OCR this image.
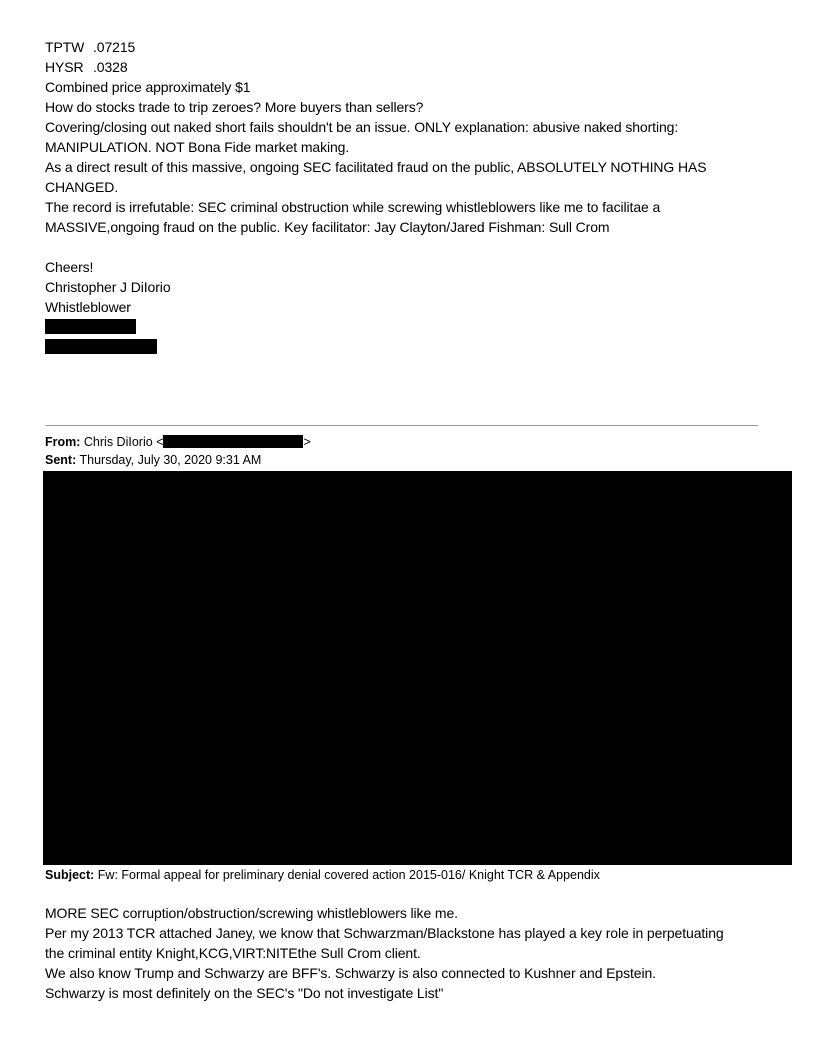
TPTW .07215
HYSR .0328
Combined price approximately $1
How do stocks trade to trip zeroes? More buyers than sellers?
Covering/closing out naked short fails shouldn't be an issue. ONLY explanation: abusive naked shorting:
MANIPULATION. NOT Bona Fide market making.
As a direct result of this massive, ongoing SEC facilitated fraud on the public, ABSOLUTELY NOTHING HAS
CHANGED.
The record is irrefutable: SEC criminal obstruction while screwing whistleblowers like me to facilitae a
MASSIVE,ongoing fraud on the public. Key facilitator: Jay Clayton/Jared Fishman: Sull Crom
Cheers!
Christopher J DiIorio
Whistleblower
From: Chris DiIorio <	>
Sent: Thursday, July 30, 2020 9:31 AM
Subject: Fw: Formal appeal for preliminary denial covered action 2015-016/ Knight TCR & Appendix
MORE SEC corruption/obstruction/screwing whistleblowers like me.
Per my 2013 TCR attached Janey, we know that Schwarzman/Blackstone has played a key role in perpetuating
the criminal entity Knight,KCG,VIRT:NITEthe Sull Crom client.
We also know Trump and Schwarzy are BFF's. Schwarzy is also connected to Kushner and Epstein.
Schwarzy is most definitely on the SEC's "Do not investigate List"
